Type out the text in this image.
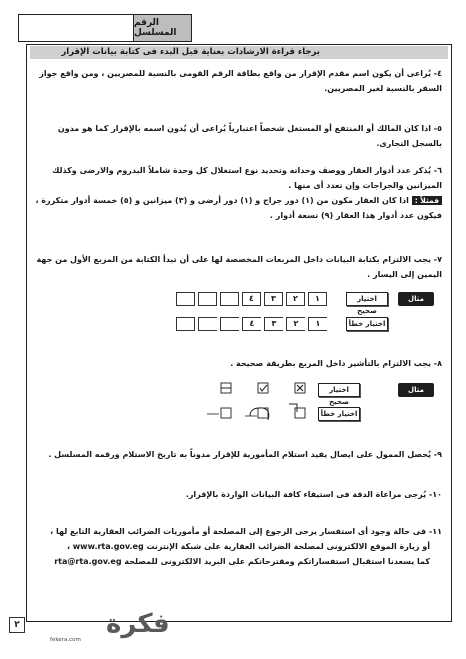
الرقم المسلسل
برجاء قراءة الارشادات بعناية قبل البدء فى كتابة بيانات الإقرار
٤- يُراعى أن يكون اسم مقدم الإقرار من واقع بطاقة الرقم القومى بالنسبة للمصريين ، ومن واقع جواز السفر بالنسبة لغير المصريين.
٥- اذا كان المالك أو المنتفع أو المستغل شخصاً اعتبارياً يُراعى أن يُدون اسمه بالإقرار كما هو مدون بالسجل التجارى.
٦- يُذكر عدد أدوار العقار ووصف وحداته وتحديد نوع استغلال كل وحدة شاملاً البدروم والارضى وكذلك الميزانين والجراجات وإن تعدد أى منها .
فمثلاً : اذا كان العقار مكون من (١) دور جراج و (١) دور أرضى و (٣) ميزانين و (٥) خمسة أدوار متكررة ، فيكون عدد أدوار هذا العقار (٩) تسعة أدوار .
٧- يجب الالتزام بكتابة البيانات داخل المربعات المخصصة لها على أن تبدأ الكتابة من المربع الأول من جهة اليمين إلى اليسار .
مثال توضيحى
اختيار صحيح
اختيار خطأ
١
٢
٣
٤
١
٢
٣
٤
٨- يجب الالتزام بالتأشير داخل المربع بطريقة صحيحة .
مثال توضيحى
اختيار صحيح
اختيار خطأ
٩- يُحصل الممول على ايصال يفيد استلام المأمورية للإقرار مدوناً به تاريخ الاستلام ورقمه المسلسل .
١٠- يُرجى مراعاة الدقة فى استيفاء كافة البيانات الواردة بالإقرار.
١١- فى حالة وجود أى استفسار يرجى الرجوع إلى المصلحة أو مأموريات الضرائب العقارية التابع لها ،
أو زيارة الموقع الالكترونى لمصلحة الضرائب العقارية على شبكة الإنترنت www.rta.gov.eg ،
كما يسعدنا استقبال استفساراتكم ومقترحاتكم على البريد الالكترونى للمصلحة rta@rta.gov.eg
٢	فكرة
fekera.com
